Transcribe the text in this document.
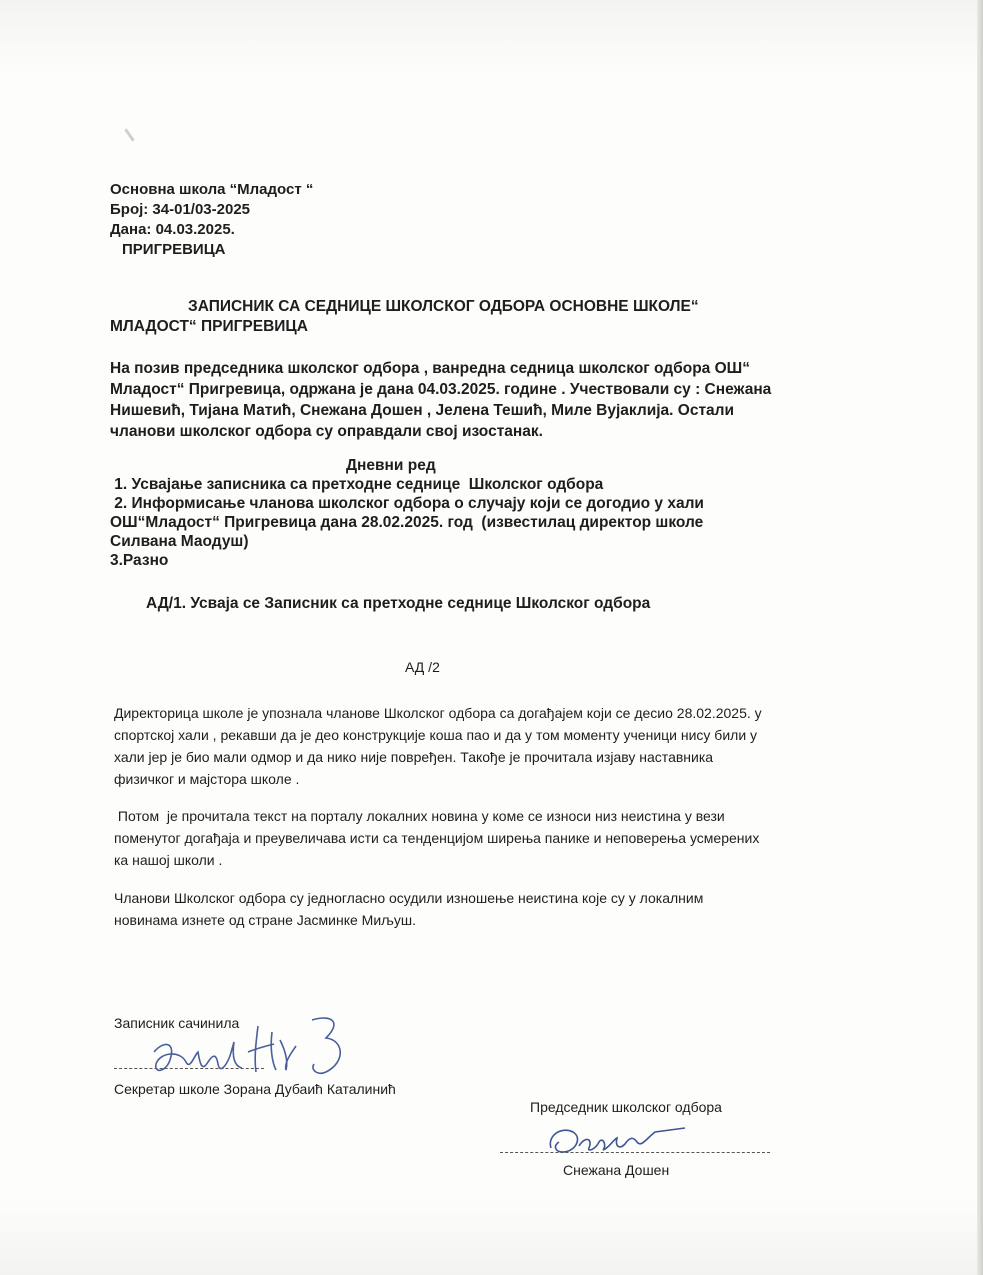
Основна школа “Младост “
Број: 34-01/03-2025
Дана: 04.03.2025.
ПРИГРЕВИЦА
ЗАПИСНИК СА СЕДНИЦЕ ШКОЛСКОГ ОДБОРА ОСНОВНЕ ШКОЛЕ“
МЛАДОСТ“ ПРИГРЕВИЦА
На позив председника школског одбора , ванредна седница школског одбора ОШ“
Младост“ Пригревица, одржана је дана 04.03.2025. године . Учествовали су : Снежана
Нишевић, Тијана Матић, Снежана Дошен , Јелена Тешић, Миле Вујаклија. Остали
чланови школског одбора су оправдали свој изостанак.
Дневни ред
1. Усвајање записника са претходне седнице  Школског одбора
2. Информисање чланова школског одбора о случају који се догодио у хали
ОШ“Младост“ Пригревица дана 28.02.2025. год  (известилац директор школе
Силвана Маодуш)
3.Разно
АД/1. Усваја се Записник са претходне седнице Школског одбора
АД /2
Директорица школе је упознала чланове Школског одбора са догађајем који се десио 28.02.2025. у
спортској хали , рекавши да је део конструкције коша пао и да у том моменту ученици нису били у
хали јер је био мали одмор и да нико није повређен. Такође је прочитала изјаву наставника
физичког и мајстора школе .
Потом  је прочитала текст на порталу локалних новина у коме се износи низ неистина у вези
поменутог догађаја и преувеличава исти са тенденцијом ширења панике и неповерења усмерених
ка нашој школи .
Чланови Школског одбора су једногласно осудили изношење неистина које су у локалним
новинама изнете од стране Јасминке Миљуш.
Записник сачинила
Секретар школе Зорана Дубаић Каталинић
Председник школског одбора
Снежана Дошен
